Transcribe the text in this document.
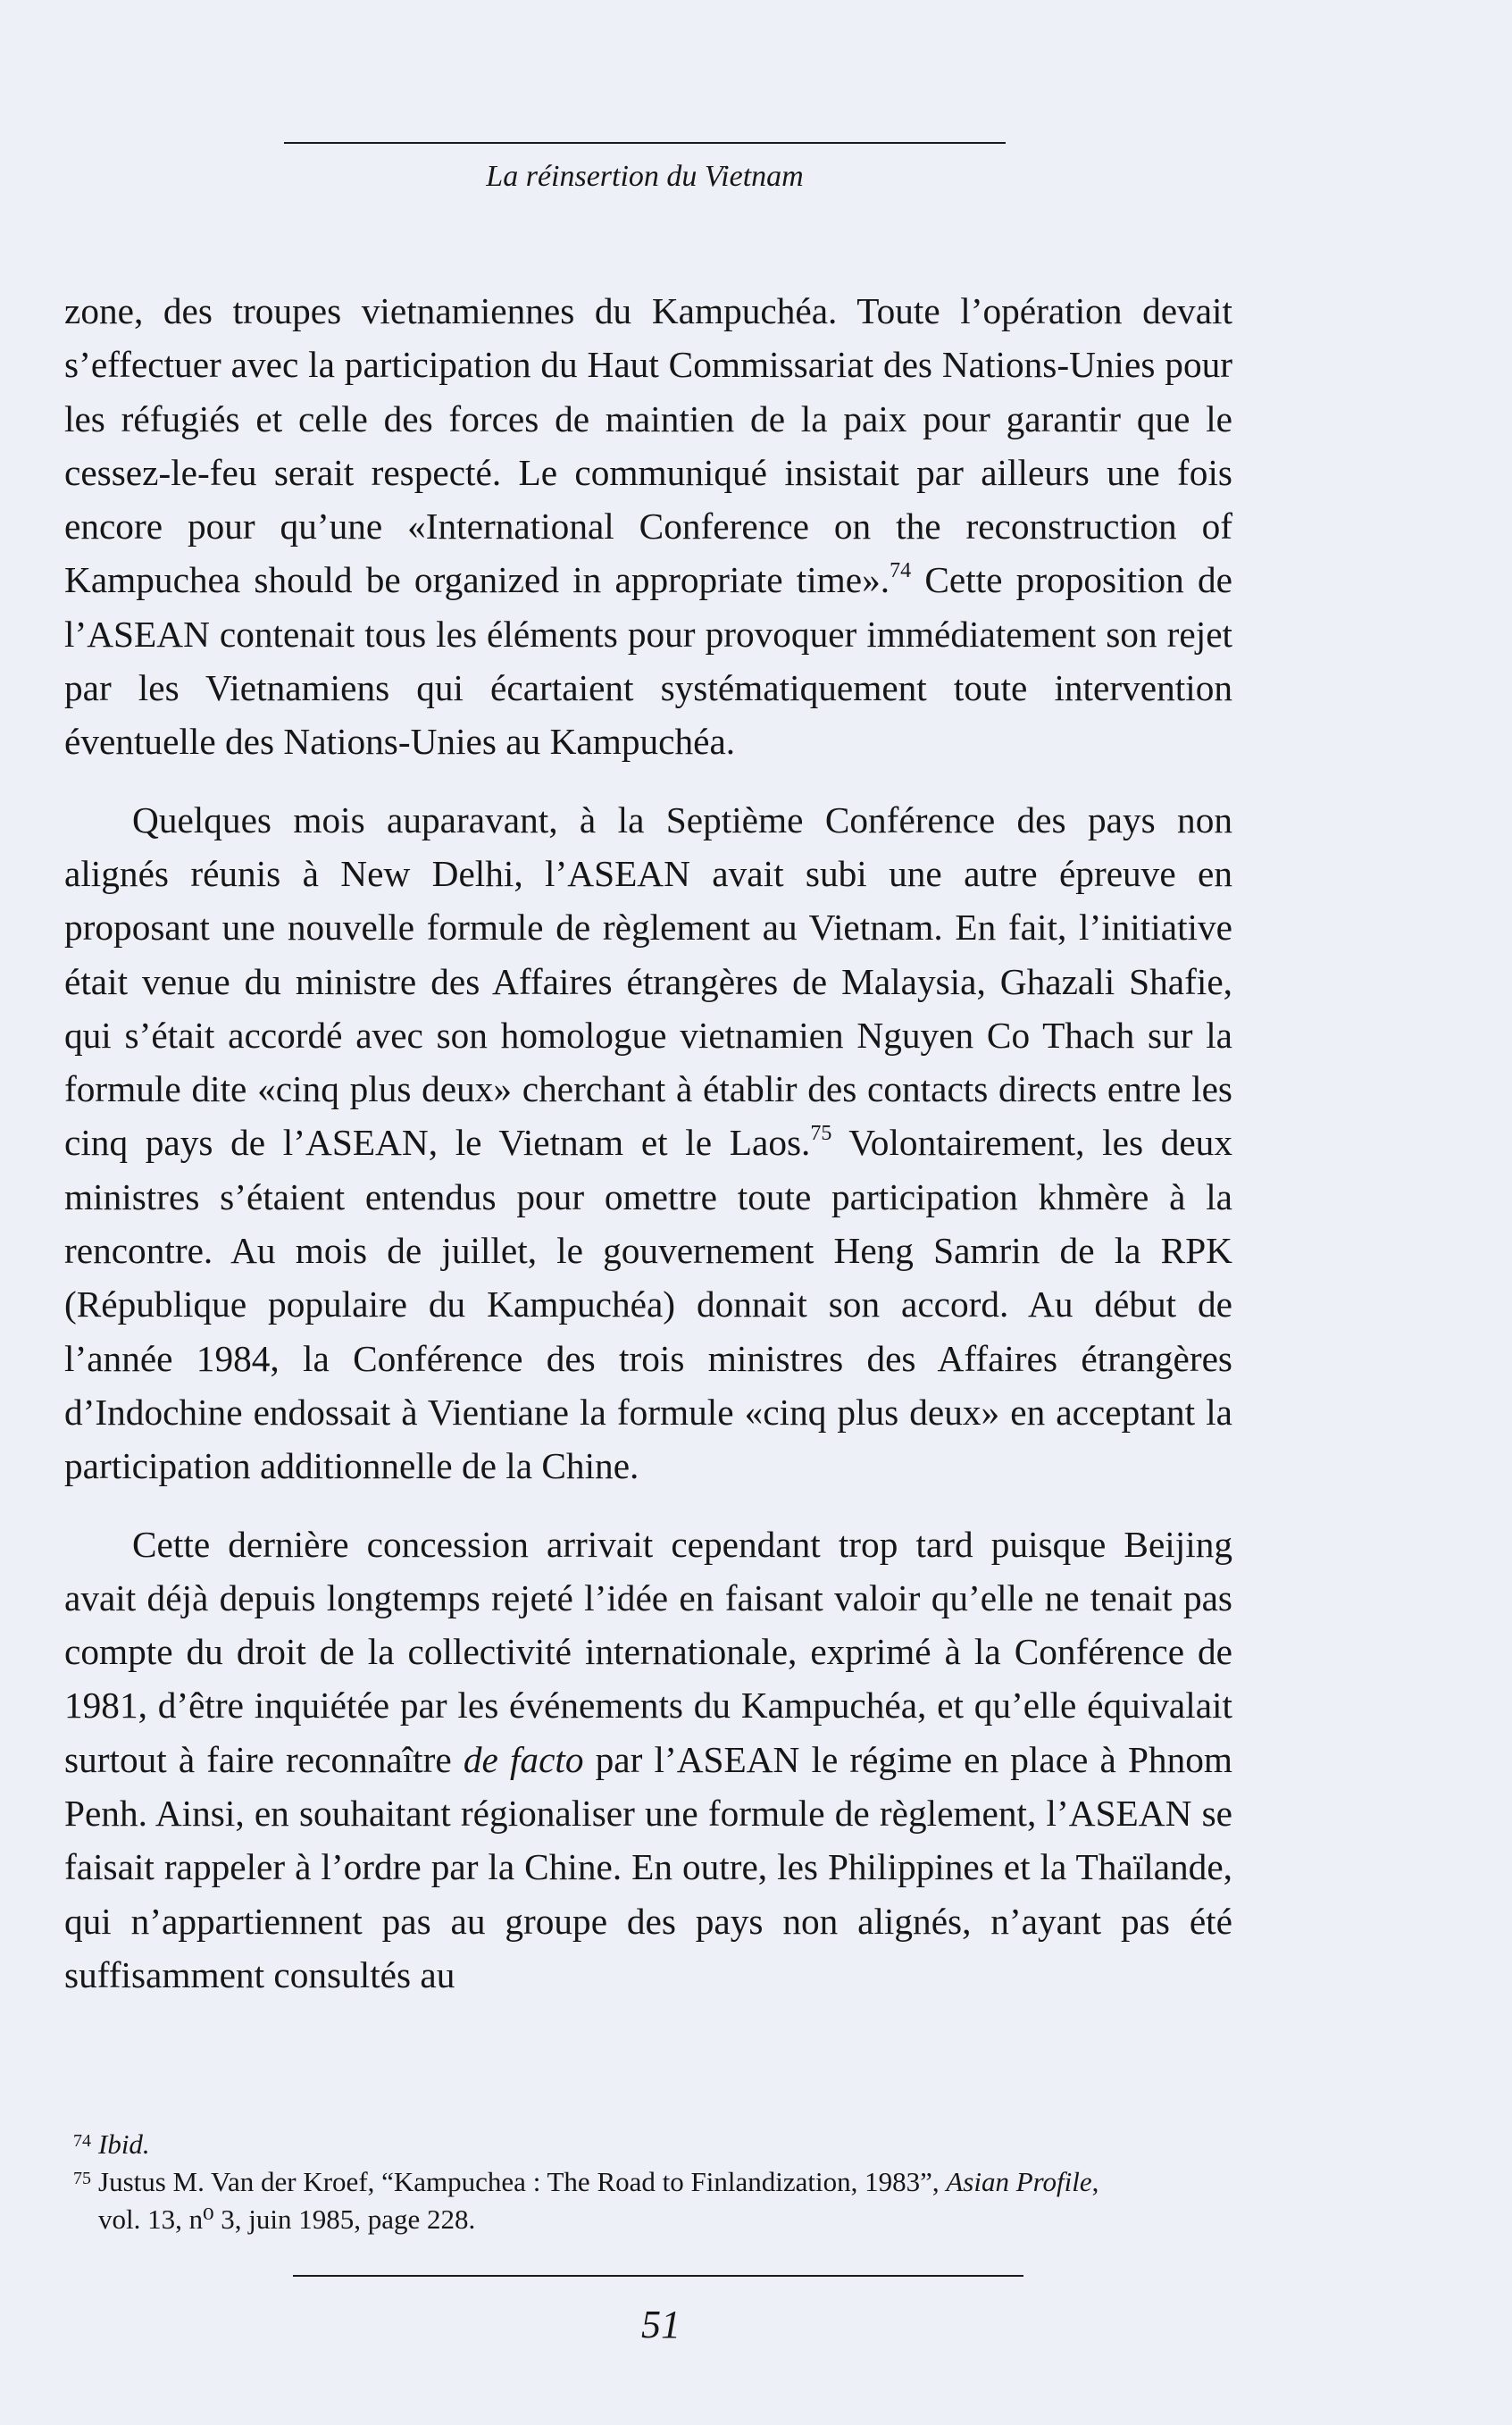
La réinsertion du Vietnam

zone, des troupes vietnamiennes du Kampuchéa. Toute l’opération devait s’effectuer avec la participation du Haut Commissariat des Nations-Unies pour les réfugiés et celle des forces de maintien de la paix pour garantir que le cessez-le-feu serait respecté. Le communiqué insistait par ailleurs une fois encore pour qu’une «International Conference on the reconstruction of Kampuchea should be organized in appropriate time».$^{74}$ Cette proposition de l’ASEAN contenait tous les éléments pour provoquer immédiatement son rejet par les Vietnamiens qui écartaient systématiquement toute intervention éventuelle des Nations-Unies au Kampuchéa.

Quelques mois auparavant, à la Septième Conférence des pays non alignés réunis à New Delhi, l’ASEAN avait subi une autre épreuve en proposant une nouvelle formule de règlement au Vietnam. En fait, l’initiative était venue du ministre des Affaires étrangères de Malaysia, Ghazali Shafie, qui s’était accordé avec son homologue vietnamien Nguyen Co Thach sur la formule dite «cinq plus deux» cherchant à établir des contacts directs entre les cinq pays de l’ASEAN, le Vietnam et le Laos.$^{75}$ Volontairement, les deux ministres s’étaient entendus pour omettre toute participation khmère à la rencontre. Au mois de juillet, le gouvernement Heng Samrin de la RPK (République populaire du Kampuchéa) donnait son accord. Au début de l’année 1984, la Conférence des trois ministres des Affaires étrangères d’Indochine endossait à Vientiane la formule «cinq plus deux» en acceptant la participation additionnelle de la Chine.

Cette dernière concession arrivait cependant trop tard puisque Beijing avait déjà depuis longtemps rejeté l’idée en faisant valoir qu’elle ne tenait pas compte du droit de la collectivité internationale, exprimé à la Conférence de 1981, d’être inquiétée par les événements du Kampuchéa, et qu’elle équivalait surtout à faire reconnaître de facto par l’ASEAN le régime en place à Phnom Penh. Ainsi, en souhaitant régionaliser une formule de règlement, l’ASEAN se faisait rappeler à l’ordre par la Chine. En outre, les Philippines et la Thaïlande, qui n’appartiennent pas au groupe des pays non alignés, n’ayant pas été suffisamment consultés au

74 Ibid.
75 Justus M. Van der Kroef, “Kampuchea : The Road to Finlandization, 1983”, Asian Profile,
vol. 13, n⁰ 3, juin 1985, page 228.
51
